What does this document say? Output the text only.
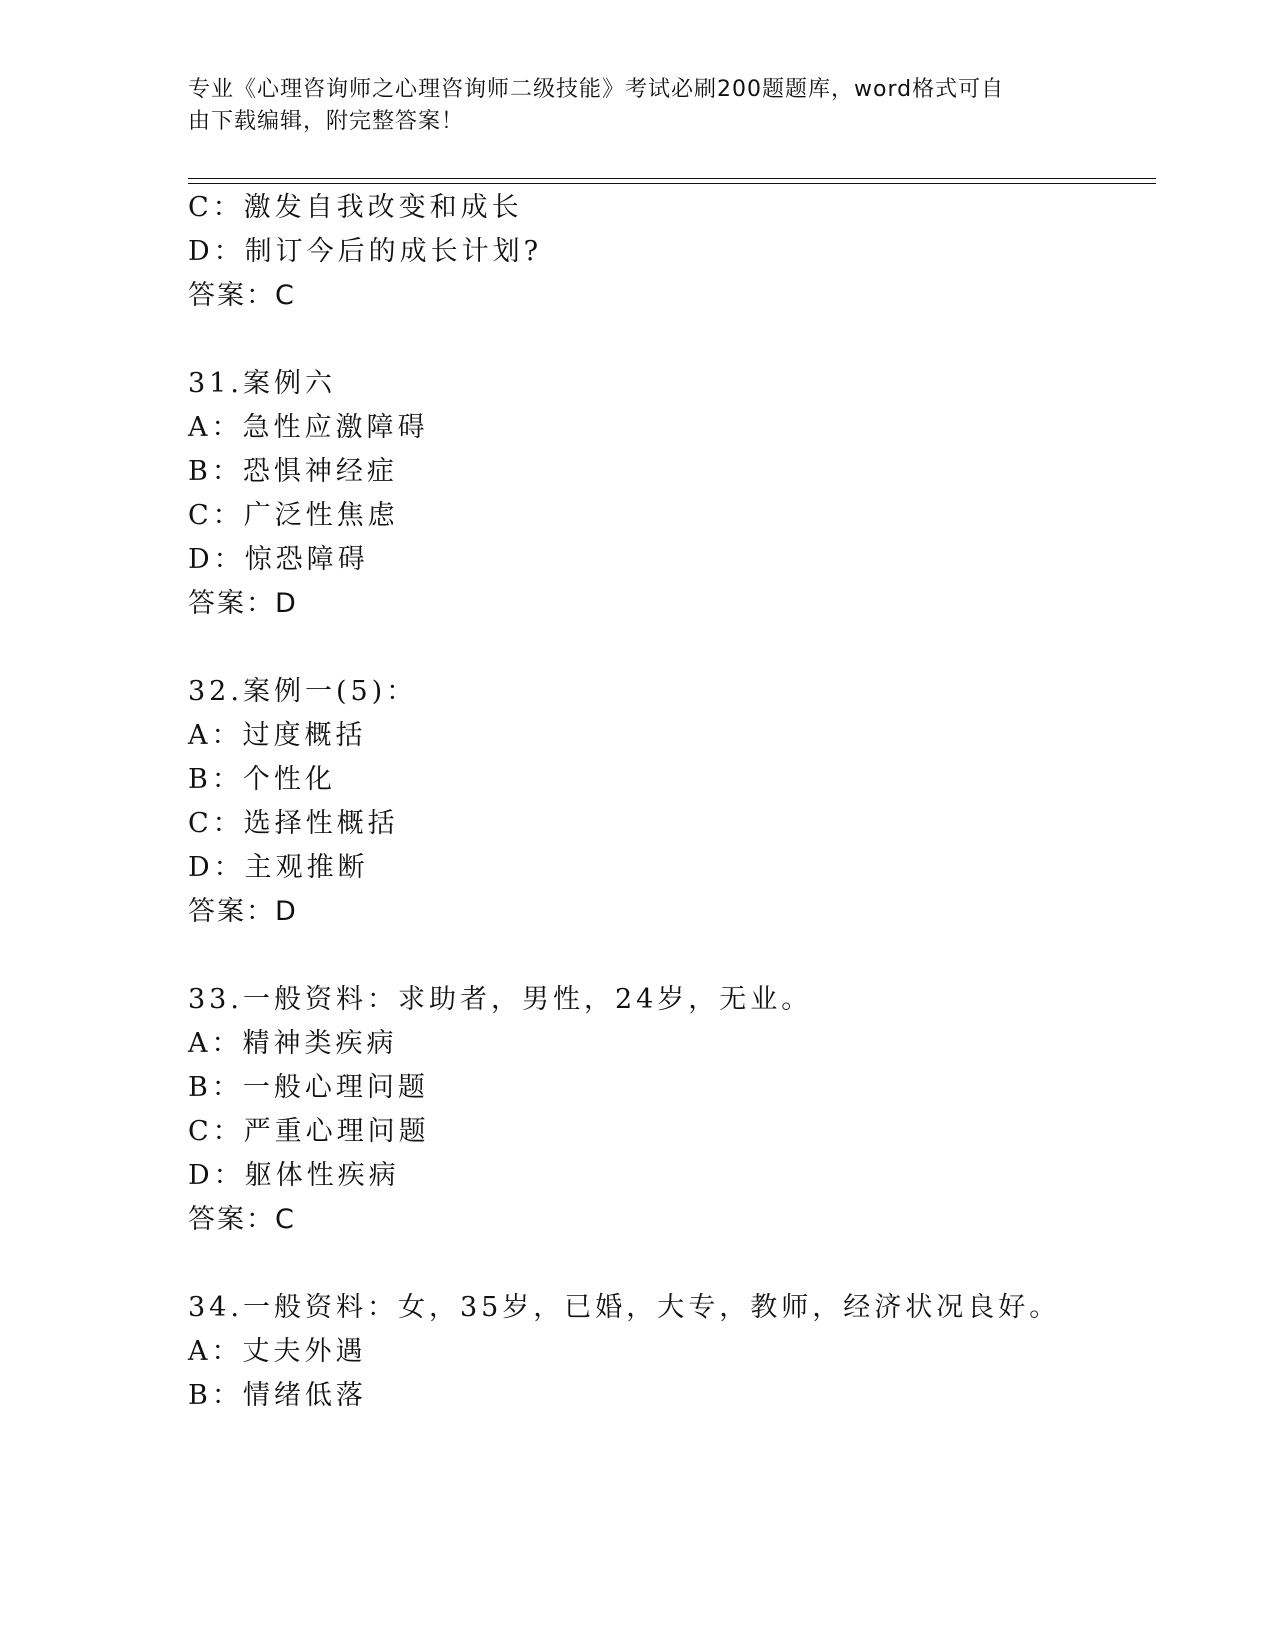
专业《心理咨询师之心理咨询师二级技能》考试必刷200题题库，word格式可自
由下载编辑，附完整答案！
C：激发自我改变和成长
D：制订今后的成长计划?
答案：C
31.案例六
A：急性应激障碍
B：恐惧神经症
C：广泛性焦虑
D：惊恐障碍
答案：D
32.案例一(5)：
A：过度概括
B：个性化
C：选择性概括
D：主观推断
答案：D
33.一般资料：求助者，男性，24岁，无业。
A：精神类疾病
B：一般心理问题
C：严重心理问题
D：躯体性疾病
答案：C
34.一般资料：女，35岁，已婚，大专，教师，经济状况良好。
A：丈夫外遇
B：情绪低落
